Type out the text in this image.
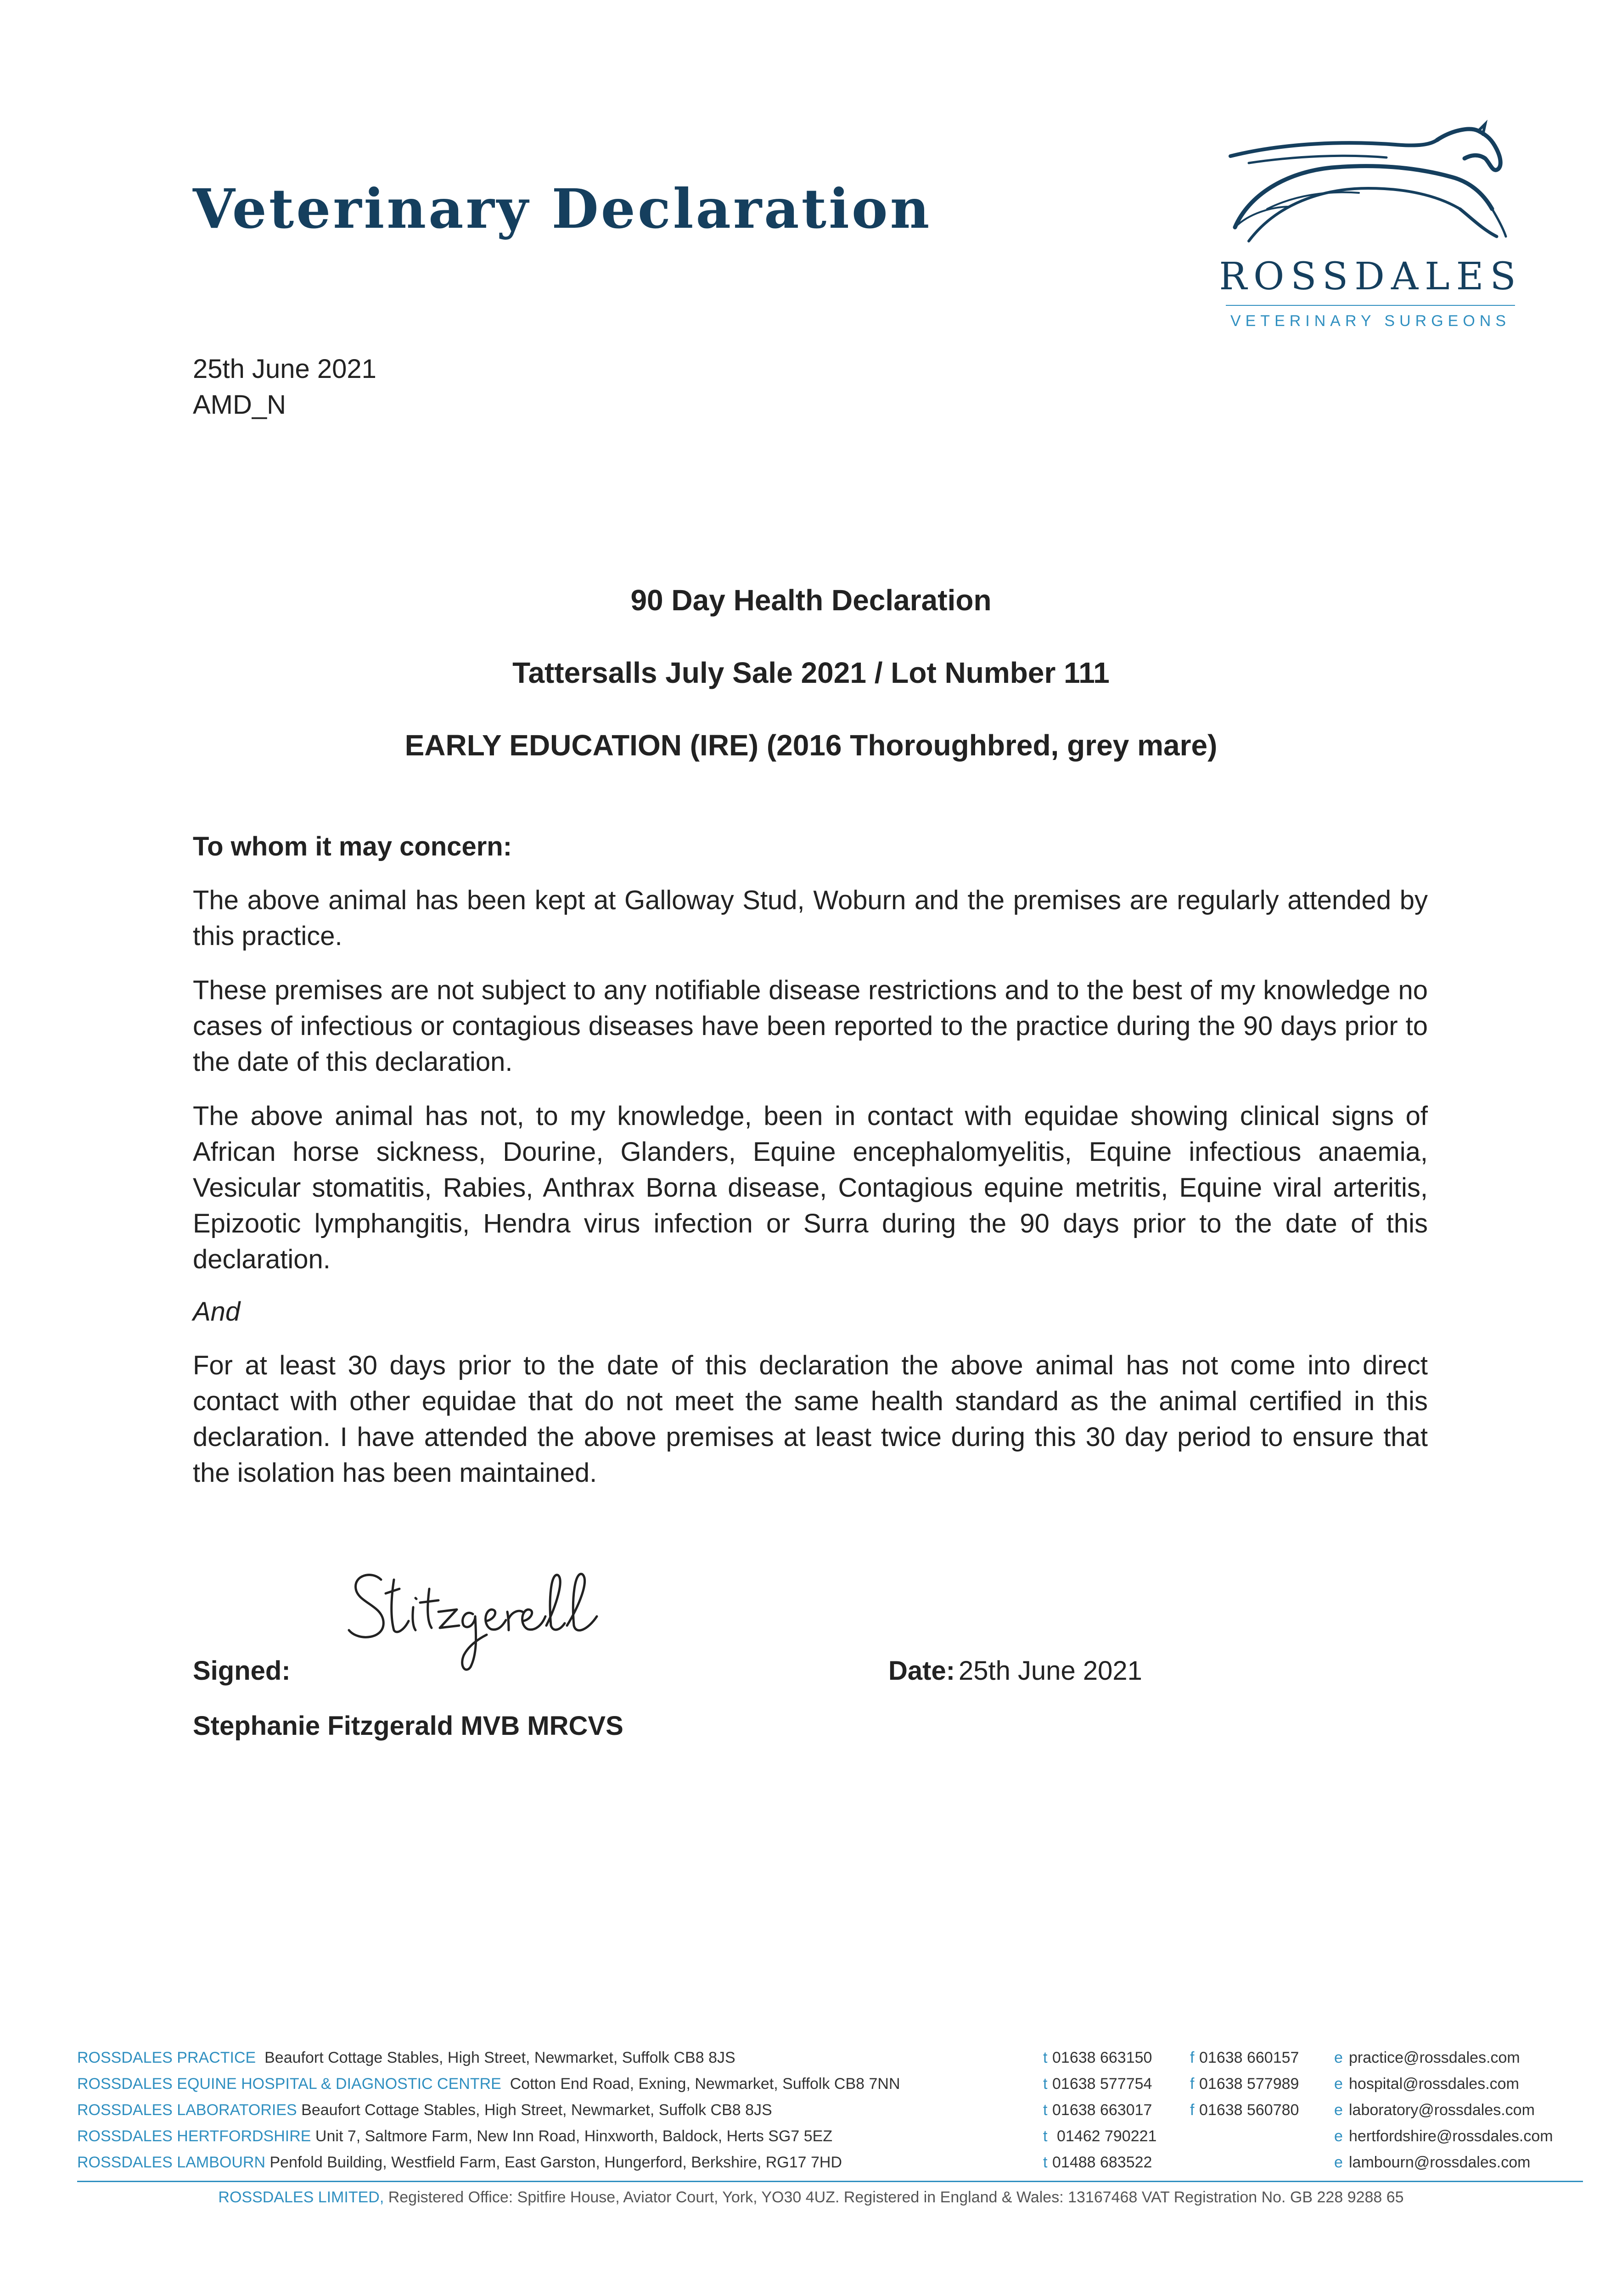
Veterinary Declaration
ROSSDALES
VETERINARY SURGEONS
25th June 2021
AMD_N
90 Day Health Declaration
Tattersalls July Sale 2021 / Lot Number 111
EARLY EDUCATION (IRE) (2016 Thoroughbred, grey mare)
To whom it may concern:
The above animal has been kept at Galloway Stud, Woburn and the premises are regularly attended by this practice.
These premises are not subject to any notifiable disease restrictions and to the best of my knowledge no cases of infectious or contagious diseases have been reported to the practice during the 90 days prior to the date of this declaration.
The above animal has not, to my knowledge, been in contact with equidae showing clinical signs of African horse sickness, Dourine, Glanders, Equine encephalomyelitis, Equine infectious anaemia, Vesicular stomatitis, Rabies, Anthrax Borna disease, Contagious equine metritis, Equine viral arteritis, Epizootic lymphangitis, Hendra virus infection or Surra during the 90 days prior to the date of this declaration.
And
For at least 30 days prior to the date of this declaration the above animal has not come into direct contact with other equidae that do not meet the same health standard as the animal certified in this declaration. I have attended the above premises at least twice during this 30 day period to ensure that the isolation has been maintained.
Signed:	Date: 25th June 2021
Stephanie Fitzgerald MVB MRCVS
ROSSDALES PRACTICE Beaufort Cottage Stables, High Street, Newmarket, Suffolk CB8 8JS	t 01638 663150 f 01638 660157 e practice@rossdales.com
ROSSDALES EQUINE HOSPITAL & DIAGNOSTIC CENTRE Cotton End Road, Exning, Newmarket, Suffolk CB8 7NN	t 01638 577754 f 01638 577989 e hospital@rossdales.com
ROSSDALES LABORATORIES Beaufort Cottage Stables, High Street, Newmarket, Suffolk CB8 8JS	t 01638 663017 f 01638 560780 e laboratory@rossdales.com
ROSSDALES HERTFORDSHIRE Unit 7, Saltmore Farm, New Inn Road, Hinxworth, Baldock, Herts SG7 5EZ	t 01462 790221	e hertfordshire@rossdales.com
ROSSDALES LAMBOURN Penfold Building, Westfield Farm, East Garston, Hungerford, Berkshire, RG17 7HD	t 01488 683522	e lambourn@rossdales.com
ROSSDALES LIMITED, Registered Office: Spitfire House, Aviator Court, York, YO30 4UZ. Registered in England & Wales: 13167468 VAT Registration No. GB 228 9288 65
